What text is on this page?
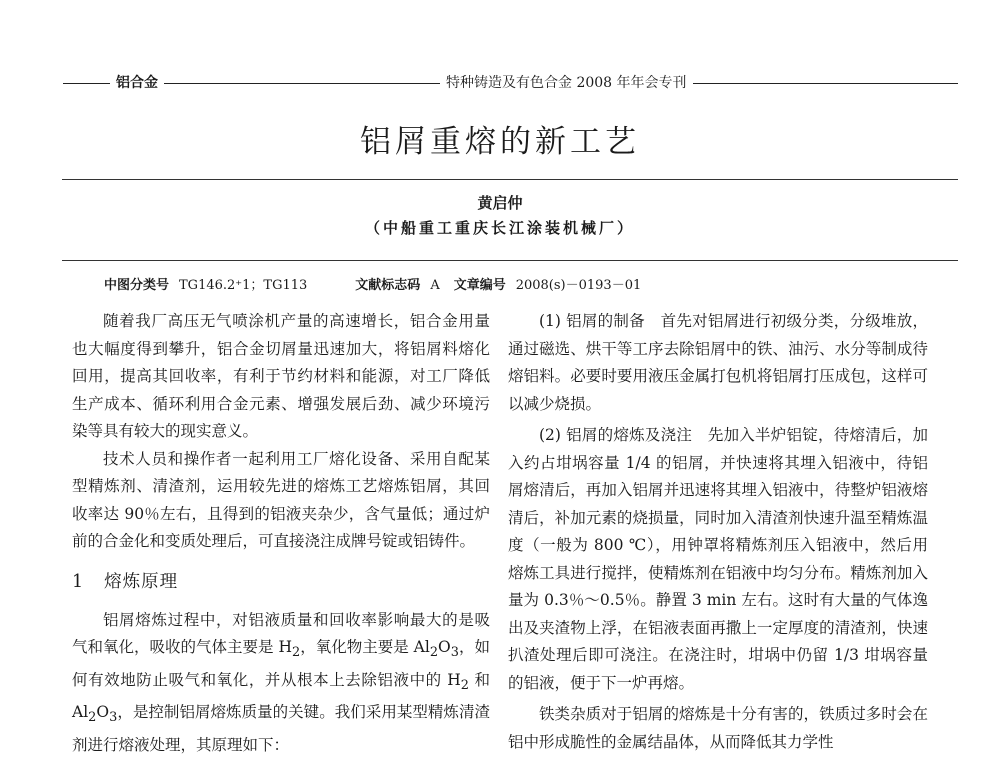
铝合金	特种铸造及有色合金 2008 年年会专刊
铝屑重熔的新工艺
黄启仲
（中船重工重庆长江涂装机械厂）
中图分类号 TG146.2⁺1；TG113	文献标志码 A 文章编号 2008(s)－0193－01

随着我厂高压无气喷涂机产量的高速增长，铝合金用量也大幅度得到攀升，铝合金切屑量迅速加大，将铝屑料熔化回用，提高其回收率，有利于节约材料和能源，对工厂降低生产成本、循环利用合金元素、增强发展后劲、减少环境污染等具有较大的现实意义。

技术人员和操作者一起利用工厂熔化设备、采用自配某型精炼剂、清渣剂，运用较先进的熔炼工艺熔炼铝屑，其回收率达 90％左右，且得到的铝液夹杂少，含气量低；通过炉前的合金化和变质处理后，可直接浇注成牌号锭或铝铸件。

1 熔炼原理

铝屑熔炼过程中，对铝液质量和回收率影响最大的是吸气和氧化，吸收的气体主要是 $H_2$，氧化物主要是 $Al_2O_3$，如何有效地防止吸气和氧化，并从根本上去除铝液中的 $H_2$ 和 $Al_2O_3$，是控制铝屑熔炼质量的关键。我们采用某型精炼清渣剂进行熔液处理，其原理如下：

(1) 铝屑的制备　首先对铝屑进行初级分类，分级堆放，通过磁选、烘干等工序去除铝屑中的铁、油污、水分等制成待熔铝料。必要时要用液压金属打包机将铝屑打压成包，这样可以减少烧损。

(2) 铝屑的熔炼及浇注　先加入半炉铝锭，待熔清后，加入约占坩埚容量 1/4 的铝屑，并快速将其埋入铝液中，待铝屑熔清后，再加入铝屑并迅速将其埋入铝液中，待整炉铝液熔清后，补加元素的烧损量，同时加入清渣剂快速升温至精炼温度（一般为 800 ℃），用钟罩将精炼剂压入铝液中，然后用熔炼工具进行搅拌，使精炼剂在铝液中均匀分布。精炼剂加入量为 0.3％～0.5％。静置 3 min 左右。这时有大量的气体逸出及夹渣物上浮，在铝液表面再撒上一定厚度的清渣剂，快速扒渣处理后即可浇注。在浇注时，坩埚中仍留 1/3 坩埚容量的铝液，便于下一炉再熔。

铁类杂质对于铝屑的熔炼是十分有害的，铁质过多时会在铝中形成脆性的金属结晶体，从而降低其力学性
